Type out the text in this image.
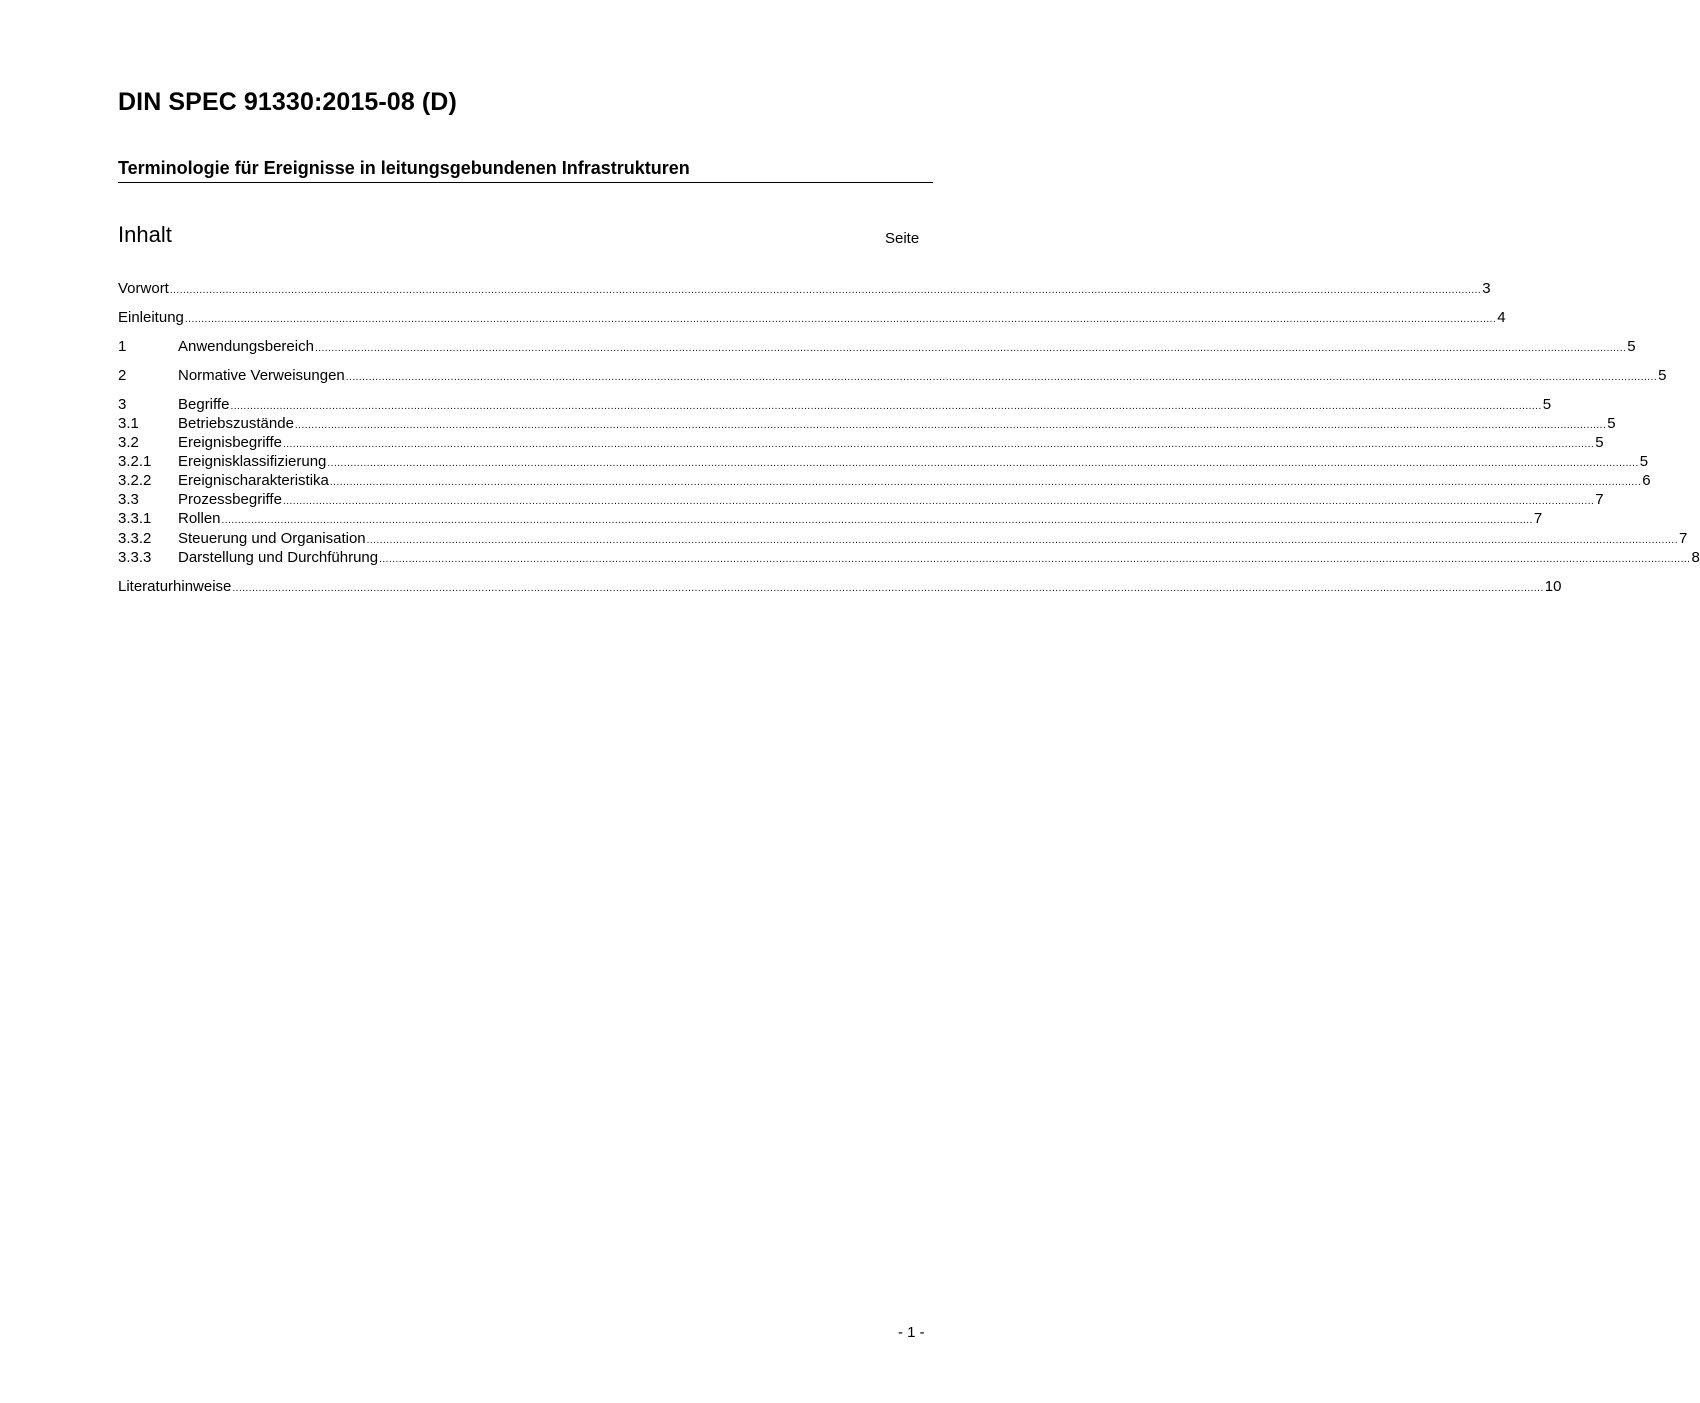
DIN SPEC 91330:2015-08 (D)
Terminologie für Ereignisse in leitungsgebundenen Infrastrukturen
Inhalt	Seite
Vorwort ................................................................................................................................................................................................................................................................................................................................................................................................................ 3
Einleitung ................................................................................................................................................................................................................................................................................................................................................................................................................ 4
1	Anwendungsbereich ................................................................................................................................................................................................................................................................................................................................................................................................................ 5
2	Normative Verweisungen ................................................................................................................................................................................................................................................................................................................................................................................................................ 5
3	Begriffe ................................................................................................................................................................................................................................................................................................................................................................................................................ 5
3.1	Betriebszustände ................................................................................................................................................................................................................................................................................................................................................................................................................ 5
3.2	Ereignisbegriffe ................................................................................................................................................................................................................................................................................................................................................................................................................ 5
3.2.1	Ereignisklassifizierung ................................................................................................................................................................................................................................................................................................................................................................................................................ 5
3.2.2	Ereignischarakteristika ................................................................................................................................................................................................................................................................................................................................................................................................................ 6
3.3	Prozessbegriffe ................................................................................................................................................................................................................................................................................................................................................................................................................ 7
3.3.1	Rollen ................................................................................................................................................................................................................................................................................................................................................................................................................ 7
3.3.2	Steuerung und Organisation ................................................................................................................................................................................................................................................................................................................................................................................................................ 7
3.3.3	Darstellung und Durchführung ................................................................................................................................................................................................................................................................................................................................................................................................................ 8
Literaturhinweise ................................................................................................................................................................................................................................................................................................................................................................................................................ 10
- 1 -
